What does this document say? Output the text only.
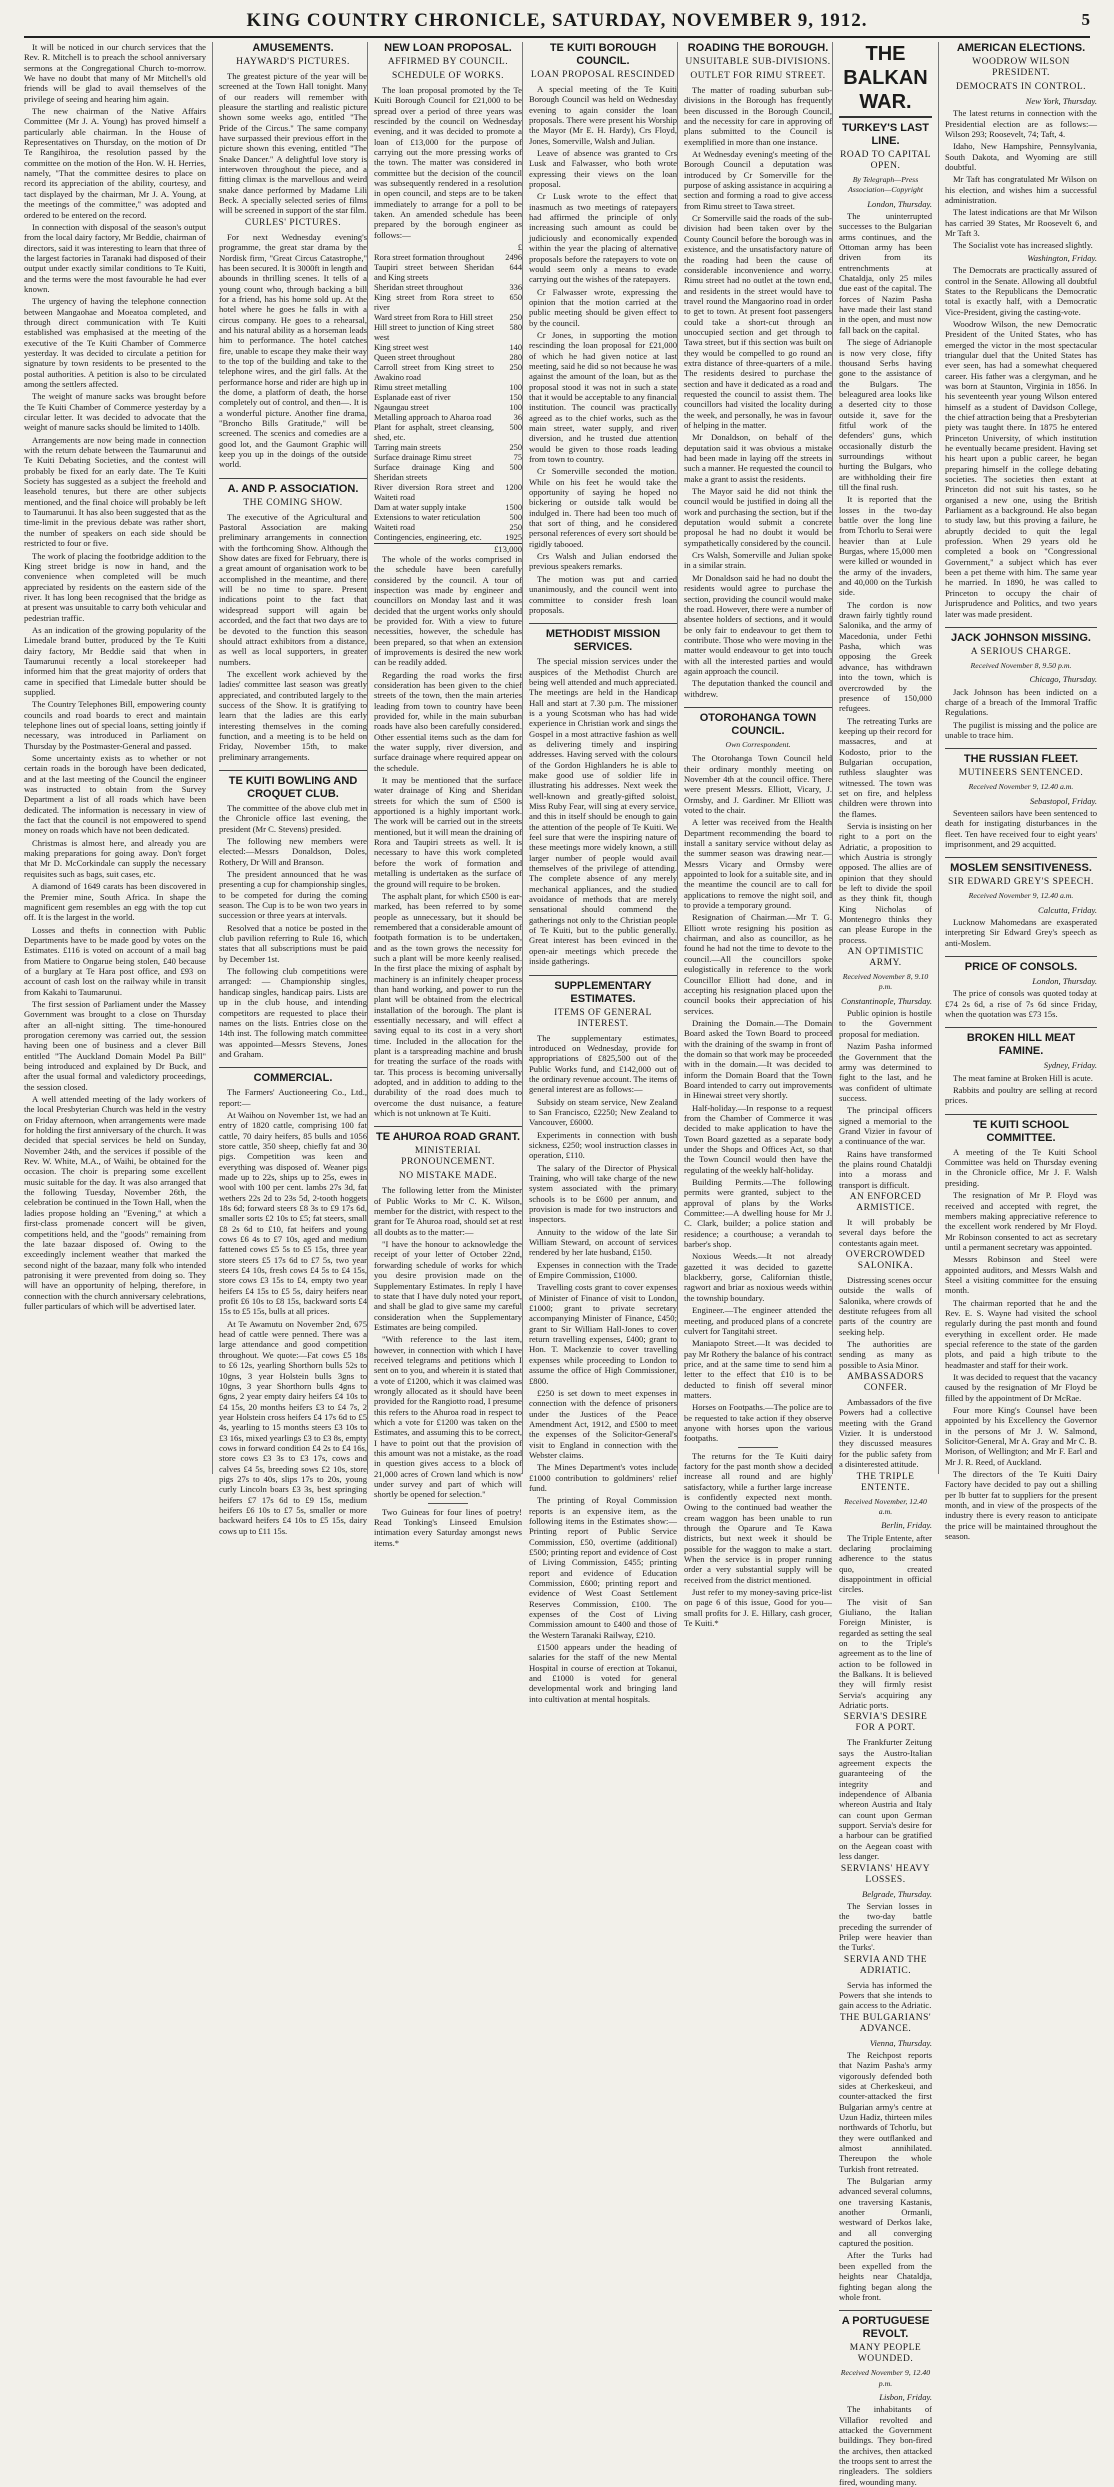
KING COUNTRY CHRONICLE, SATURDAY, NOVEMBER 9, 1912.	5

It will be noticed in our church services that the Rev. R. Mitchell is to preach the school anniversary sermons at the Congregational Church to-morrow. We have no doubt that many of Mr Mitchell's old friends will be glad to avail themselves of the privilege of seeing and hearing him again.

The new chairman of the Native Affairs Committee (Mr J. A. Young) has proved himself a particularly able chairman. In the House of Representatives on Thursday, on the motion of Dr Te Rangihiroa, the resolution passed by the committee on the motion of the Hon. W. H. Herries, namely, "That the committee desires to place on record its appreciation of the ability, courtesy, and tact displayed by the chairman, Mr J. A. Young, at the meetings of the committee," was adopted and ordered to be entered on the record.

In connection with disposal of the season's output from the local dairy factory, Mr Beddie, chairman of directors, said it was interesting to learn that three of the largest factories in Taranaki had disposed of their output under exactly similar conditions to Te Kuiti, and the terms were the most favourable he had ever known.

The urgency of having the telephone connection between Mangaohae and Moeatoa completed, and through direct communication with Te Kuiti established was emphasised at the meeting of the executive of the Te Kuiti Chamber of Commerce yesterday. It was decided to circulate a petition for signature by town residents to be presented to the postal authorities. A petition is also to be circulated among the settlers affected.

The weight of manure sacks was brought before the Te Kuiti Chamber of Commerce yesterday by a circular letter. It was decided to advocate that the weight of manure sacks should be limited to 140lb.

Arrangements are now being made in connection with the return debate between the Taumarunui and Te Kuiti Debating Societies, and the contest will probably be fixed for an early date. The Te Kuiti Society has suggested as a subject the freehold and leasehold tenures, but there are other subjects mentioned, and the final choice will probably be left to Taumarunui. It has also been suggested that as the time-limit in the previous debate was rather short, the number of speakers on each side should be restricted to four or five.

The work of placing the footbridge addition to the King street bridge is now in hand, and the convenience when completed will be much appreciated by residents on the eastern side of the river. It has long been recognised that the bridge as at present was unsuitable to carry both vehicular and pedestrian traffic.

As an indication of the growing popularity of the Limedale brand butter, produced by the Te Kuiti dairy factory, Mr Beddie said that when in Taumarunui recently a local storekeeper had informed him that the great majority of orders that came in specified that Limedale butter should be supplied.

The Country Telephones Bill, empowering county councils and road boards to erect and maintain telephone lines out of special loans, setting jointly if necessary, was introduced in Parliament on Thursday by the Postmaster-General and passed.

Some uncertainty exists as to whether or not certain roads in the borough have been dedicated, and at the last meeting of the Council the engineer was instructed to obtain from the Survey Department a list of all roads which have been dedicated. The information is necessary in view of the fact that the council is not empowered to spend money on roads which have not been dedicated.

Christmas is almost here, and already you are making preparations for going away. Don't forget that Mr D. McCorkindale can supply the necessary requisites such as bags, suit cases, etc.

A diamond of 1649 carats has been discovered in the Premier mine, South Africa. In shape the magnificent gem resembles an egg with the top cut off. It is the largest in the world.

Losses and thefts in connection with Public Departments have to be made good by votes on the Estimates. £116 is voted on account of a mail bag from Matiere to Ongarue being stolen, £40 because of a burglary at Te Hara post office, and £93 on account of cash lost on the railway while in transit from Kakahi to Taumarunui.

The first session of Parliament under the Massey Government was brought to a close on Thursday after an all-night sitting. The time-honoured prorogation ceremony was carried out, the session having been one of business and a clever Bill entitled "The Auckland Domain Model Pa Bill" being introduced and explained by Dr Buck, and after the usual formal and valedictory proceedings, the session closed.

A well attended meeting of the lady workers of the local Presbyterian Church was held in the vestry on Friday afternoon, when arrangements were made for holding the first anniversary of the church. It was decided that special services be held on Sunday, November 24th, and the services if possible of the Rev. W. White, M.A., of Waihi, be obtained for the occasion. The choir is preparing some excellent music suitable for the day. It was also arranged that the following Tuesday, November 26th, the celebration be continued in the Town Hall, when the ladies propose holding an "Evening," at which a first-class promenade concert will be given, competitions held, and the "goods" remaining from the late bazaar disposed of. Owing to the exceedingly inclement weather that marked the second night of the bazaar, many folk who intended patronising it were prevented from doing so. They will have an opportunity of helping, therefore, in connection with the church anniversary celebrations, fuller particulars of which will be advertised later.

AMUSEMENTS.
HAYWARD'S PICTURES.

The greatest picture of the year will be screened at the Town Hall tonight. Many of our readers will remember with pleasure the startling and realistic picture shown some weeks ago, entitled "The Pride of the Circus." The same company have surpassed their previous effort in the picture shown this evening, entitled "The Snake Dancer." A delightful love story is interwoven throughout the piece, and a fitting climax is the marvellous and weird snake dance performed by Madame Lili Beck. A specially selected series of films will be screened in support of the star film.

CURLES' PICTURES.

For next Wednesday evening's programme, the great star drama by the Nordisk firm, "Great Circus Catastrophe," has been secured. It is 3000ft in length and abounds in thrilling scenes. It tells of a young count who, through backing a bill for a friend, has his home sold up. At the hotel where he goes he falls in with a circus company. He goes to a rehearsal, and his natural ability as a horseman leads him to performance. The hotel catches fire, unable to escape they make their way to the top of the building and take to the telephone wires, and the girl falls. At the performance horse and rider are high up in the dome, a platform of death, the horse completely out of control, and then—. It is a wonderful picture. Another fine drama, "Broncho Bills Gratitude," will be screened. The scenics and comedies are a good lot, and the Gaumont Graphic will keep you up in the doings of the outside world.

A. AND P. ASSOCIATION.
THE COMING SHOW.

The executive of the Agricultural and Pastoral Association are making preliminary arrangements in connection with the forthcoming Show. Although the Show dates are fixed for February, there is a great amount of organisation work to be accomplished in the meantime, and there will be no time to spare. Present indications point to the fact that widespread support will again be accorded, and the fact that two days are to be devoted to the function this season should attract exhibitors from a distance, as well as local supporters, in greater numbers.

The excellent work achieved by the ladies' committee last season was greatly appreciated, and contributed largely to the success of the Show. It is gratifying to learn that the ladies are this early interesting themselves in the coming function, and a meeting is to be held on Friday, November 15th, to make preliminary arrangements.

TE KUITI BOWLING AND CROQUET CLUB.

The committee of the above club met in the Chronicle office last evening, the president (Mr C. Stevens) presided.

The following new members were elected:—Messrs Donaldson, Doles, Rothery, Dr Will and Branson.

The president announced that he was presenting a cup for championship singles, to be competed for during the coming season. The Cup is to be won two years in succession or three years at intervals.

Resolved that a notice be posted in the club pavilion referring to Rule 16, which states that all subscriptions must be paid by December 1st.

The following club competitions were arranged: — Championship singles, handicap singles, handicap pairs. Lists are up in the club house, and intending competitors are requested to place their names on the lists. Entries close on the 14th inst. The following match committee was appointed—Messrs Stevens, Jones and Graham.

COMMERCIAL.

The Farmers' Auctioneering Co., Ltd., report:—

At Waihou on November 1st, we had an entry of 1820 cattle, comprising 100 fat cattle, 70 dairy heifers, 85 bulls and 1056 store cattle, 350 sheep, chiefly fat and 30 pigs. Competition was keen and everything was disposed of. Weaner pigs made up to 22s, ships up to 25s, ewes in wool with 100 per cent. lambs 27s 3d, fat wethers 22s 2d to 23s 5d, 2-tooth hoggets 18s 6d; forward steers £8 3s to £9 17s 6d, smaller sorts £2 10s to £5; fat steers, small £8 2s 6d to £10, fat heifers and young cows £6 4s to £7 10s, aged and medium fattened cows £5 5s to £5 15s, three year store steers £5 17s 6d to £7 5s, two year steers £4 10s, fresh cows £4 5s to £4 15s, store cows £3 15s to £4, empty two year heifers £4 15s to £5 5s, dairy heifers near profit £6 10s to £8 15s, backward sorts £4 15s to £5 15s, bulls at all prices.

At Te Awamutu on November 2nd, 675 head of cattle were penned. There was a large attendance and good competition throughout. We quote:—Fat cows £5 18s to £6 12s, yearling Shorthorn bulls 52s to 10gns, 3 year Holstein bulls 3gns to 10gns, 3 year Shorthorn bulls 4gns to 6gns, 2 year empty dairy heifers £4 10s to £4 15s, 20 months heifers £3 to £4 7s, 2 year Holstein cross heifers £4 17s 6d to £5 4s, yearling to 15 months steers £3 10s to £3 16s, mixed yearlings £3 to £3 8s, empty cows in forward condition £4 2s to £4 16s, store cows £3 3s to £3 17s, cows and calves £4 5s, breeding sows £2 10s, store pigs 27s to 40s, slips 17s to 20s, young curly Lincoln boars £3 3s, best springing heifers £7 17s 6d to £9 15s, medium heifers £6 10s to £7 5s, smaller or more backward heifers £4 10s to £5 15s, dairy cows up to £11 15s.

NEW LOAN PROPOSAL.
AFFIRMED BY COUNCIL.
SCHEDULE OF WORKS.

The loan proposal promoted by the Te Kuiti Borough Council for £21,000 to be spread over a period of three years was rescinded by the council on Wednesday evening, and it was decided to promote a loan of £13,000 for the purpose of carrying out the more pressing works of the town. The matter was considered in committee but the decision of the council was subsequently rendered in a resolution in open council, and steps are to be taken immediately to arrange for a poll to be taken. An amended schedule has been prepared by the borough engineer as follows:—

£
Rora street formation throughout	2496
Taupiri street between Sheridan and King streets	644
Sheridan street throughout	336
King street from Rora street to river	650
Ward street from Rora to Hill street	250
Hill street to junction of King street west	580
King street west	140
Queen street throughout	280
Carroll street from King street to Awakino road	250
Rimu street metalling	100
Esplanade east of river	150
Ngaungau street	100
Metalling approach to Aharoa road	36
Plant for asphalt, street cleansing, shed, etc.	500
Tarring main streets	250
Surface drainage Rimu street	75
Surface drainage King and Sheridan streets	500
River diversion Rora street and Waiteti road	1200
Dam at water supply intake	1500
Extensions to water reticulation	500
Waiteti road	250
Contingencies, engineering, etc.	1925
£13,000

The whole of the works comprised in the schedule have been carefully considered by the council. A tour of inspection was made by engineer and councillors on Monday last and it was decided that the urgent works only should be provided for. With a view to future necessities, however, the schedule has been prepared, so that when an extension of improvements is desired the new work can be readily added.

Regarding the road works the first consideration has been given to the chief streets of the town, then the main arteries leading from town to country have been provided for, while in the main suburban roads have also been carefully considered. Other essential items such as the dam for the water supply, river diversion, and surface drainage where required appear on the schedule.

It may be mentioned that the surface water drainage of King and Sheridan streets for which the sum of £500 is apportioned is a highly important work. The work will be carried out in the streets mentioned, but it will mean the draining of Rora and Taupiri streets as well. It is necessary to have this work completed before the work of formation and metalling is undertaken as the surface of the ground will require to be broken.

The asphalt plant, for which £500 is ear-marked, has been referred to by some people as unnecessary, but it should be remembered that a considerable amount of footpath formation is to be undertaken, and as the town grows the necessity for such a plant will be more keenly realised. In the first place the mixing of asphalt by machinery is an infinitely cheaper process than hand working, and power to run the plant will be obtained from the electrical installation of the borough. The plant is essentially necessary, and will effect a saving equal to its cost in a very short time. Included in the allocation for the plant is a tarspreading machine and brush for treating the surface of the roads with tar. This process is becoming universally adopted, and in addition to adding to the durability of the road does much to overcome the dust nuisance, a feature which is not unknown at Te Kuiti.

TE AHUROA ROAD GRANT.
MINISTERIAL PRONOUNCEMENT.
NO MISTAKE MADE.

The following letter from the Minister of Public Works to Mr C. K. Wilson, member for the district, with respect to the grant for Te Ahuroa road, should set at rest all doubts as to the matter:—

"I have the honour to acknowledge the receipt of your letter of October 22nd, forwarding schedule of works for which you desire provision made on the Supplementary Estimates. In reply I have to state that I have duly noted your report, and shall be glad to give same my careful consideration when the Supplementary Estimates are being compiled.

"With reference to the last item, however, in connection with which I have received telegrams and petitions which I sent on to you, and wherein it is stated that a vote of £1200, which it was claimed was wrongly allocated as it should have been provided for the Rangiotto road, I presume this refers to the Ahuroa road in respect to which a vote for £1200 was taken on the Estimates, and assuming this to be correct, I have to point out that the provision of this amount was not a mistake, as the road in question gives access to a block of 21,000 acres of Crown land which is now under survey and part of which will shortly be opened for selection."

Two Guineas for four lines of poetry! Read Tonking's Linseed Emulsion intimation every Saturday amongst news items.*

TE KUITI BOROUGH COUNCIL.
LOAN PROPOSAL RESCINDED

A special meeting of the Te Kuiti Borough Council was held on Wednesday evening to again consider the loan proposals. There were present his Worship the Mayor (Mr E. H. Hardy), Crs Floyd, Jones, Somerville, Walsh and Julian.

Leave of absence was granted to Crs Lusk and Falwasser, who both wrote expressing their views on the loan proposal.

Cr Lusk wrote to the effect that inasmuch as two meetings of ratepayers had affirmed the principle of only increasing such amount as could be judiciously and economically expended within the year the placing of alternative proposals before the ratepayers to vote on would seem only a means to evade carrying out the wishes of the ratepayers.

Cr Falwasser wrote, expressing the opinion that the motion carried at the public meeting should be given effect to by the council.

Cr Jones, in supporting the motion rescinding the loan proposal for £21,000 of which he had given notice at last meeting, said he did so not because he was against the amount of the loan, but as the proposal stood it was not in such a state that it would be acceptable to any financial institution. The council was practically agreed as to the chief works, such as the main street, water supply, and river diversion, and he trusted due attention would be given to those roads leading from town to country.

Cr Somerville seconded the motion. While on his feet he would take the opportunity of saying he hoped no bickering or outside talk would be indulged in. There had been too much of that sort of thing, and he considered personal references of every sort should be rigidly tabooed.

Crs Walsh and Julian endorsed the previous speakers remarks.

The motion was put and carried unanimously, and the council went into committee to consider fresh loan proposals.

METHODIST MISSION SERVICES.

The special mission services under the auspices of the Methodist Church are being well attended and much appreciated. The meetings are held in the Handicap Hall and start at 7.30 p.m. The missioner is a young Scotsman who has had wide experience in Christian work and sings the Gospel in a most attractive fashion as well as delivering timely and inspiring addresses. Having served with the colours of the Gordon Highlanders he is able to make good use of soldier life in illustrating his addresses. Next week the well-known and greatly-gifted soloist, Miss Ruby Fear, will sing at every service, and this in itself should be enough to gain the attention of the people of Te Kuiti. We feel sure that were the inspiring nature of these meetings more widely known, a still larger number of people would avail themselves of the privilege of attending. The complete absence of any merely mechanical appliances, and the studied avoidance of methods that are merely sensational should commend the gatherings not only to the Christian people of Te Kuiti, but to the public generally. Great interest has been evinced in the open-air meetings which precede the inside gatherings.

SUPPLEMENTARY ESTIMATES.
ITEMS OF GENERAL INTEREST.

The supplementary estimates, introduced on Wednesday, provide for appropriations of £825,500 out of the Public Works fund, and £142,000 out of the ordinary revenue account. The items of general interest are as follows:—

Subsidy on steam service, New Zealand to San Francisco, £2250; New Zealand to Vancouver, £6000.

Experiments in connection with bush sickness, £250; wool instruction classes in operation, £110.

The salary of the Director of Physical Training, who will take charge of the new system associated with the primary schools is to be £600 per annum, and provision is made for two instructors and inspectors.

Annuity to the widow of the late Sir William Steward, on account of services rendered by her late husband, £150.

Expenses in connection with the Trade of Empire Commission, £1000.

Travelling costs grant to cover expenses of Minister of Finance of visit to London, £1000; grant to private secretary accompanying Minister of Finance, £450; grant to Sir William Hall-Jones to cover return travelling expenses, £400; grant to Hon. T. Mackenzie to cover travelling expenses while proceeding to London to assume the office of High Commissioner, £800.

£250 is set down to meet expenses in connection with the defence of prisoners under the Justices of the Peace Amendment Act, 1912, and £500 to meet the expenses of the Solicitor-General's visit to England in connection with the Webster claims.

The Mines Department's votes include £1000 contribution to goldminers' relief fund.

The printing of Royal Commission reports is an expensive item, as the following items in the Estimates show:—Printing report of Public Service Commission, £50, overtime (additional) £500; printing report and evidence of Cost of Living Commission, £455; printing report and evidence of Education Commission, £600; printing report and evidence of West Coast Settlement Reserves Commission, £100. The expenses of the Cost of Living Commission amount to £400 and those of the Western Taranaki Railway, £210.

£1500 appears under the heading of salaries for the staff of the new Mental Hospital in course of erection at Tokanui, and £1000 is voted for general developmental work and bringing land into cultivation at mental hospitals.

ROADING THE BOROUGH.
UNSUITABLE SUB-DIVISIONS.
OUTLET FOR RIMU STREET.

The matter of roading suburban sub-divisions in the Borough has frequently been discussed in the Borough Council, and the necessity for care in approving of plans submitted to the Council is exemplified in more than one instance.

At Wednesday evening's meeting of the Borough Council a deputation was introduced by Cr Somerville for the purpose of asking assistance in acquiring a section and forming a road to give access from Rimu street to Tawa street.

Cr Somerville said the roads of the sub-division had been taken over by the County Council before the borough was in existence, and the unsatisfactory nature of the roading had been the cause of considerable inconvenience and worry. Rimu street had no outlet at the town end, and residents in the street would have to travel round the Mangaorino road in order to get to town. At present foot passengers could take a short-cut through an unoccupied section and get through to Tawa street, but if this section was built on they would be compelled to go round an extra distance of three-quarters of a mile. The residents desired to purchase the section and have it dedicated as a road and requested the council to assist them. The councillors had visited the locality during the week, and personally, he was in favour of helping in the matter.

Mr Donaldson, on behalf of the deputation said it was obvious a mistake had been made in laying off the streets in such a manner. He requested the council to make a grant to assist the residents.

The Mayor said he did not think the council would be justified in doing all the work and purchasing the section, but if the deputation would submit a concrete proposal he had no doubt it would be sympathetically considered by the council.

Crs Walsh, Somerville and Julian spoke in a similar strain.

Mr Donaldson said he had no doubt the residents would agree to purchase the section, providing the council would make the road. However, there were a number of absentee holders of sections, and it would be only fair to endeavour to get them to contribute. Those who were moving in the matter would endeavour to get into touch with all the interested parties and would again approach the council.

The deputation thanked the council and withdrew.

OTOROHANGA TOWN COUNCIL.
Own Correspondent.

The Otorohanga Town Council held their ordinary monthly meeting on November 4th at the council office. There were present Messrs. Elliott, Vicary, J. Ormsby, and J. Gardiner. Mr Elliott was voted to the chair.

A letter was received from the Health Department recommending the board to install a sanitary service without delay as the summer season was drawing near.—Messrs Vicary and Ormsby were appointed to look for a suitable site, and in the meantime the council are to call for applications to remove the night soil, and to provide a temporary ground.

Resignation of Chairman.—Mr T. G. Elliott wrote resigning his position as chairman, and also as councillor, as he found he had not the time to devote to the council.—All the councillors spoke eulogistically in reference to the work Councillor Elliott had done, and in accepting his resignation placed upon the council books their appreciation of his services.

Draining the Domain.—The Domain Board asked the Town Board to proceed with the draining of the swamp in front of the domain so that work may be proceeded with in the domain.—It was decided to inform the Domain Board that the Town Board intended to carry out improvements in Hinewai street very shortly.

Half-holiday.—In response to a request from the Chamber of Commerce it was decided to make application to have the Town Board gazetted as a separate body under the Shops and Offices Act, so that the Town Council would then have the regulating of the weekly half-holiday.

Building Permits.—The following permits were granted, subject to the approval of plans by the Works Committee:—A dwelling house for Mr J. C. Clark, builder; a police station and residence; a courthouse; a verandah to barber's shop.

Noxious Weeds.—It not already gazetted it was decided to gazette blackberry, gorse, Californian thistle, ragwort and briar as noxious weeds within the township boundary.

Engineer.—The engineer attended the meeting, and produced plans of a concrete culvert for Tangitahi street.

Maniapoto Street.—It was decided to pay Mr Rothery the balance of his contract price, and at the same time to send him a letter to the effect that £10 is to be deducted to finish off several minor matters.

Horses on Footpaths.—The police are to be requested to take action if they observe anyone with horses upon the various footpaths.

The returns for the Te Kuiti dairy factory for the past month show a decided increase all round and are highly satisfactory, while a further large increase is confidently expected next month. Owing to the continued bad weather the cream waggon has been unable to run through the Oparure and Te Kawa districts, but next week it should be possible for the waggon to make a start. When the service is in proper running order a very substantial supply will be received from the district mentioned.

Just refer to my money-saving price-list on page 6 of this issue, Good for you—small profits for J. E. Hillary, cash grocer, Te Kuiti.*

THE BALKAN WAR.
TURKEY'S LAST LINE.
ROAD TO CAPITAL OPEN.
By Telegraph—Press Association—Copyright
London, Thursday.

The uninterrupted successes to the Bulgarian arms continues, and the Ottoman army has been driven from its entrenchments at Chataldja, only 25 miles due east of the capital. The forces of Nazim Pasha have made their last stand in the open, and must now fall back on the capital.

The siege of Adrianople is now very close, fifty thousand Serbs having gone to the assistance of the Bulgars. The beleagured area looks like a deserted city to those outside it, save for the fitful work of the defenders' guns, which occasionally disturb the surroundings without hurting the Bulgars, who are withholding their fire till the final rush.

It is reported that the losses in the two-day battle over the long line from Tchorlu to Serai were heavier than at Lule Burgas, where 15,000 men were killed or wounded in the army of the invaders, and 40,000 on the Turkish side.

The cordon is now drawn fairly tightly round Salonika, and the army of Macedonia, under Fethi Pasha, which was opposing the Greek advance, has withdrawn into the town, which is overcrowded by the presence of 150,000 refugees.

The retreating Turks are keeping up their record for massacres, and at Kodosto, prior to the Bulgarian occupation, ruthless slaughter was witnessed. The town was set on fire, and helpless children were thrown into the flames.

Servia is insisting on her right to a port on the Adriatic, a proposition to which Austria is strongly opposed. The allies are of opinion that they should be left to divide the spoil as they think fit, though King Nicholas of Montenegro thinks they can please Europe in the process.

AN OPTIMISTIC ARMY.
Received November 8, 9.10 p.m.
Constantinople, Thursday.

Public opinion is hostile to the Government proposal for mediation.

Nazim Pasha informed the Government that the army was determined to fight to the last, and he was confident of ultimate success.

The principal officers signed a memorial to the Grand Vizier in favour of a continuance of the war.

Rains have transformed the plains round Chataldji into a morass and transport is difficult.

AN ENFORCED ARMISTICE.

It will probably be several days before the contestants again meet.

OVERCROWDED SALONIKA.

Distressing scenes occur outside the walls of Salonika, where crowds of destitute refugees from all parts of the country are seeking help.

The authorities are sending as many as possible to Asia Minor.

AMBASSADORS CONFER.

Ambassadors of the five Powers had a collective meeting with the Grand Vizier. It is understood they discussed measures for the public safety from a disinterested attitude.

THE TRIPLE ENTENTE.
Received November, 12.40 a.m.
Berlin, Friday.

The Triple Entente, after declaring proclaiming adherence to the status quo, created disappointment in official circles.

The visit of San Giuliano, the Italian Foreign Minister, is regarded as setting the seal on to the Triple's agreement as to the line of action to be followed in the Balkans. It is believed they will firmly resist Servia's acquiring any Adriatic ports.

SERVIA'S DESIRE FOR A PORT.

The Frankfurter Zeitung says the Austro-Italian agreement expects the guaranteeing of the integrity and independence of Albania whereon Austria and Italy can count upon German support. Servia's desire for a harbour can be gratified on the Aegean coast with less danger.

SERVIANS' HEAVY LOSSES.
Belgrade, Thursday.

The Servian losses in the two-day battle preceding the surrender of Prilep were heavier than the Turks'.

SERVIA AND THE ADRIATIC.

Servia has informed the Powers that she intends to gain access to the Adriatic.

THE BULGARIANS' ADVANCE.
Vienna, Thursday.

The Reichpost reports that Nazim Pasha's army vigorously defended both sides at Cherkeskeui, and counter-attacked the first Bulgarian army's centre at Uzun Hadiz, thirteen miles northwards of Tchorlu, but they were outflanked and almost annihilated. Thereupon the whole Turkish front retreated.

The Bulgarian army advanced several columns, one traversing Kastanis, another Ormanli, westward of Derkos lake, and all converging captured the position.

After the Turks had been expelled from the heights near Chataldja, fighting began along the whole front.

A PORTUGUESE REVOLT.
MANY PEOPLE WOUNDED.
Received November 9, 12.40 p.m.
Lisbon, Friday.

The inhabitants of Villafior revolted and attacked the Government buildings. They bon-fired the archives, then attacked the troops sent to arrest the ringleaders. The soldiers fired, wounding many.

AMERICAN ELECTIONS.
WOODROW WILSON PRESIDENT.
DEMOCRATS IN CONTROL.
New York, Thursday.

The latest returns in connection with the Presidential election are as follows:—Wilson 293; Roosevelt, 74; Taft, 4.

Idaho, New Hampshire, Pennsylvania, South Dakota, and Wyoming are still doubtful.

Mr Taft has congratulated Mr Wilson on his election, and wishes him a successful administration.

The latest indications are that Mr Wilson has carried 39 States, Mr Roosevelt 6, and Mr Taft 3.

The Socialist vote has increased slightly.

Washington, Friday.

The Democrats are practically assured of control in the Senate. Allowing all doubtful States to the Republicans the Democratic total is exactly half, with a Democratic Vice-President, giving the casting-vote.

Woodrow Wilson, the new Democratic President of the United States, who has emerged the victor in the most spectacular triangular duel that the United States has ever seen, has had a somewhat chequered career. His father was a clergyman, and he was born at Staunton, Virginia in 1856. In his seventeenth year young Wilson entered himself as a student of Davidson College, the chief attraction being that a Presbyterian piety was taught there. In 1875 he entered Princeton University, of which institution he eventually became president. Having set his heart upon a public career, he began preparing himself in the college debating societies. The societies then extant at Princeton did not suit his tastes, so he organised a new one, using the British Parliament as a background. He also began to study law, but this proving a failure, he abruptly decided to quit the legal profession. When 29 years old he completed a book on "Congressional Government," a subject which has ever been a pet theme with him. The same year he married. In 1890, he was called to Princeton to occupy the chair of Jurisprudence and Politics, and two years later was made president.

JACK JOHNSON MISSING.
A SERIOUS CHARGE.
Received November 8, 9.50 p.m.
Chicago, Thursday.

Jack Johnson has been indicted on a charge of a breach of the Immoral Traffic Regulations.

The pugilist is missing and the police are unable to trace him.

THE RUSSIAN FLEET.
MUTINEERS SENTENCED.
Received November 9, 12.40 a.m.
Sebastopol, Friday.

Seventeen sailors have been sentenced to death for instigating disturbances in the fleet. Ten have received four to eight years' imprisonment, and 29 acquitted.

MOSLEM SENSITIVENESS.
SIR EDWARD GREY'S SPEECH.
Received November 9, 12.40 a.m.
Calcutta, Friday.

Lucknow Mahomedans are exasperated interpreting Sir Edward Grey's speech as anti-Moslem.

PRICE OF CONSOLS.
London, Thursday.

The price of consols was quoted today at £74 2s 6d, a rise of 7s 6d since Friday, when the quotation was £73 15s.

BROKEN HILL MEAT FAMINE.
Sydney, Friday.

The meat famine at Broken Hill is acute.

Rabbits and poultry are selling at record prices.

TE KUITI SCHOOL COMMITTEE.

A meeting of the Te Kuiti School Committee was held on Thursday evening in the Chronicle office, Mr J. F. Walsh presiding.

The resignation of Mr P. Floyd was received and accepted with regret, the members making appreciative reference to the excellent work rendered by Mr Floyd. Mr Robinson consented to act as secretary until a permanent secretary was appointed.

Messrs Robinson and Steel were appointed auditors, and Messrs Walsh and Steel a visiting committee for the ensuing month.

The chairman reported that he and the Rev. E. S. Wayne had visited the school regularly during the past month and found everything in excellent order. He made special reference to the state of the garden plots, and paid a high tribute to the headmaster and staff for their work.

It was decided to request that the vacancy caused by the resignation of Mr Floyd be filled by the appointment of Dr McRae.

Four more King's Counsel have been appointed by his Excellency the Governor in the persons of Mr J. W. Salmond, Solicitor-General, Mr A. Gray and Mr C. B. Morison, of Wellington; and Mr F. Earl and Mr J. R. Reed, of Auckland.

The directors of the Te Kuiti Dairy Factory have decided to pay out a shilling per lb butter fat to suppliers for the present month, and in view of the prospects of the industry there is every reason to anticipate the price will be maintained throughout the season.
